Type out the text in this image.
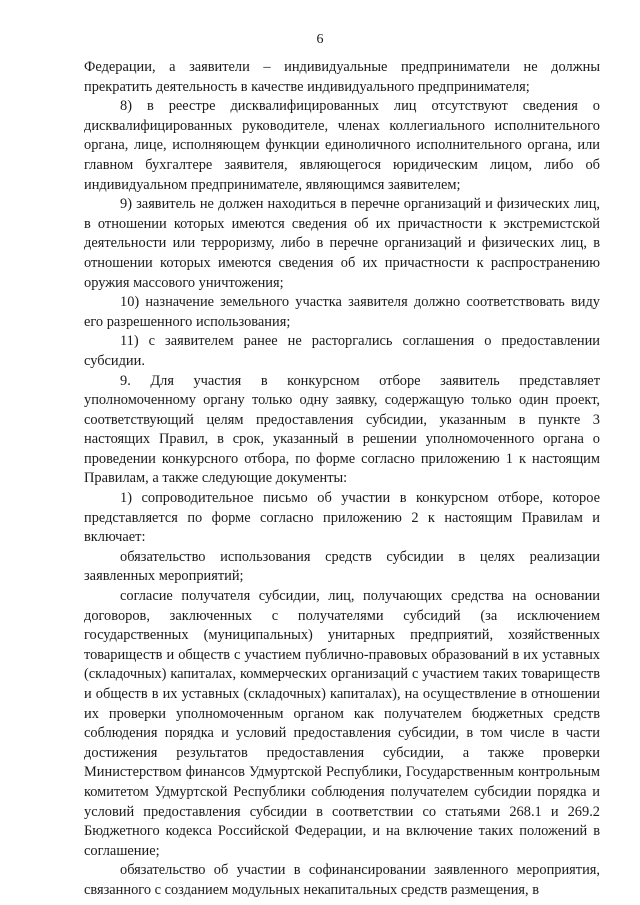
6

Федерации, а заявители – индивидуальные предприниматели не должны прекратить деятельность в качестве индивидуального предпринимателя;

8) в реестре дисквалифицированных лиц отсутствуют сведения о дисквалифицированных руководителе, членах коллегиального исполнительного органа, лице, исполняющем функции единоличного исполнительного органа, или главном бухгалтере заявителя, являющегося юридическим лицом, либо об индивидуальном предпринимателе, являющимся заявителем;

9) заявитель не должен находиться в перечне организаций и физических лиц, в отношении которых имеются сведения об их причастности к экстремистской деятельности или терроризму, либо в перечне организаций и физических лиц, в отношении которых имеются сведения об их причастности к распространению оружия массового уничтожения;

10) назначение земельного участка заявителя должно соответствовать виду его разрешенного использования;

11) с заявителем ранее не расторгались соглашения о предоставлении субсидии.

9. Для участия в конкурсном отборе заявитель представляет уполномоченному органу только одну заявку, содержащую только один проект, соответствующий целям предоставления субсидии, указанным в пункте 3 настоящих Правил, в срок, указанный в решении уполномоченного органа о проведении конкурсного отбора, по форме согласно приложению 1 к настоящим Правилам, а также следующие документы:

1) сопроводительное письмо об участии в конкурсном отборе, которое представляется по форме согласно приложению 2 к настоящим Правилам и включает:

обязательство использования средств субсидии в целях реализации заявленных мероприятий;

согласие получателя субсидии, лиц, получающих средства на основании договоров, заключенных с получателями субсидий (за исключением государственных (муниципальных) унитарных предприятий, хозяйственных товариществ и обществ с участием публично-правовых образований в их уставных (складочных) капиталах, коммерческих организаций с участием таких товариществ и обществ в их уставных (складочных) капиталах), на осуществление в отношении их проверки уполномоченным органом как получателем бюджетных средств соблюдения порядка и условий предоставления субсидии, в том числе в части достижения результатов предоставления субсидии, а также проверки Министерством финансов Удмуртской Республики, Государственным контрольным комитетом Удмуртской Республики соблюдения получателем субсидии порядка и условий предоставления субсидии в соответствии со статьями 268.1 и 269.2 Бюджетного кодекса Российской Федерации, и на включение таких положений в соглашение;

обязательство об участии в софинансировании заявленного мероприятия, связанного с созданием модульных некапитальных средств размещения, в
